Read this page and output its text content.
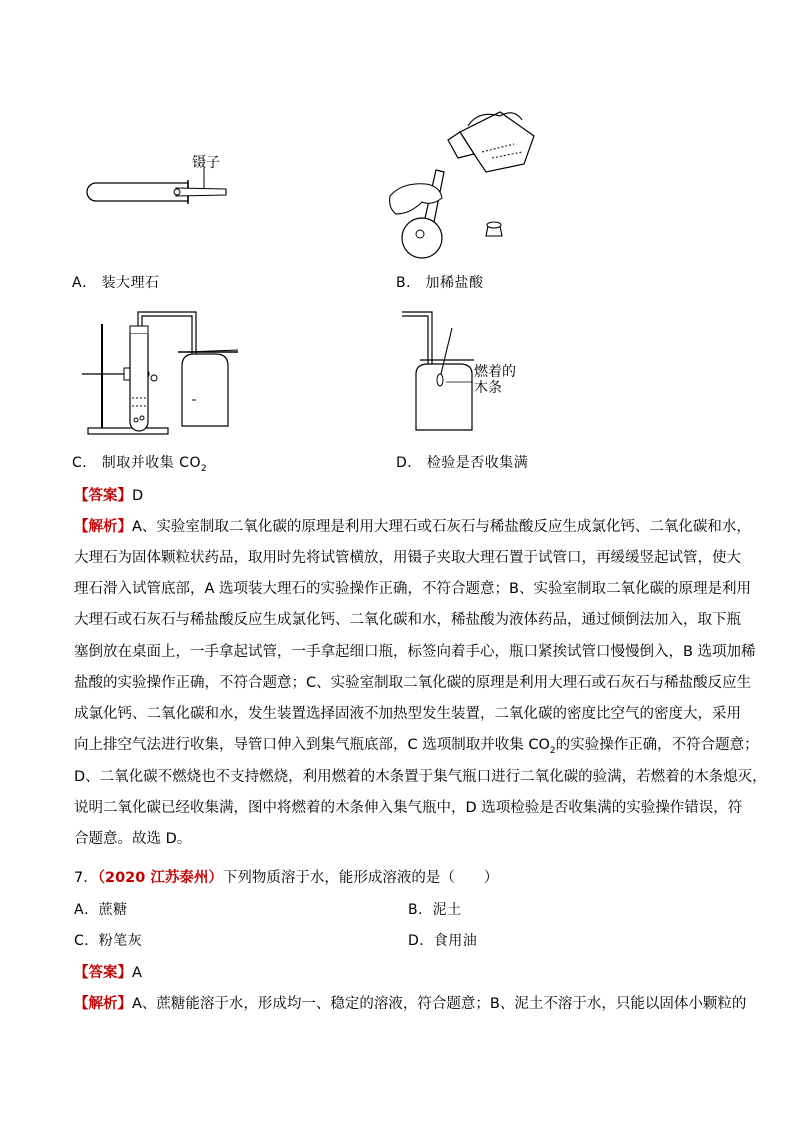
镊子
A． 装大理石	B． 加稀盐酸
燃着的
木条
C． 制取并收集 $CO_2$	D． 检验是否收集满
【答案】D
【解析】A、实验室制取二氧化碳的原理是利用大理石或石灰石与稀盐酸反应生成氯化钙、二氧化碳和水，
大理石为固体颗粒状药品，取用时先将试管横放，用镊子夹取大理石置于试管口，再缓缓竖起试管，使大
理石滑入试管底部，A 选项装大理石的实验操作正确，不符合题意；B、实验室制取二氧化碳的原理是利用
大理石或石灰石与稀盐酸反应生成氯化钙、二氧化碳和水，稀盐酸为液体药品，通过倾倒法加入，取下瓶
塞倒放在桌面上，一手拿起试管，一手拿起细口瓶，标签向着手心，瓶口紧挨试管口慢慢倒入，B 选项加稀
盐酸的实验操作正确，不符合题意；C、实验室制取二氧化碳的原理是利用大理石或石灰石与稀盐酸反应生
成氯化钙、二氧化碳和水，发生装置选择固液不加热型发生装置，二氧化碳的密度比空气的密度大，采用
向上排空气法进行收集，导管口伸入到集气瓶底部，C 选项制取并收集 $CO_2$的实验操作正确，不符合题意；
D、二氧化碳不燃烧也不支持燃烧，利用燃着的木条置于集气瓶口进行二氧化碳的验满，若燃着的木条熄灭，
说明二氧化碳已经收集满，图中将燃着的木条伸入集气瓶中，D 选项检验是否收集满的实验操作错误，符
合题意。故选 D。
7．（2020 江苏泰州）下列物质溶于水，能形成溶液的是（　　）
A．蔗糖	B．泥土
C．粉笔灰	D．食用油
【答案】A
【解析】A、蔗糖能溶于水，形成均一、稳定的溶液，符合题意；B、泥土不溶于水，只能以固体小颗粒的
